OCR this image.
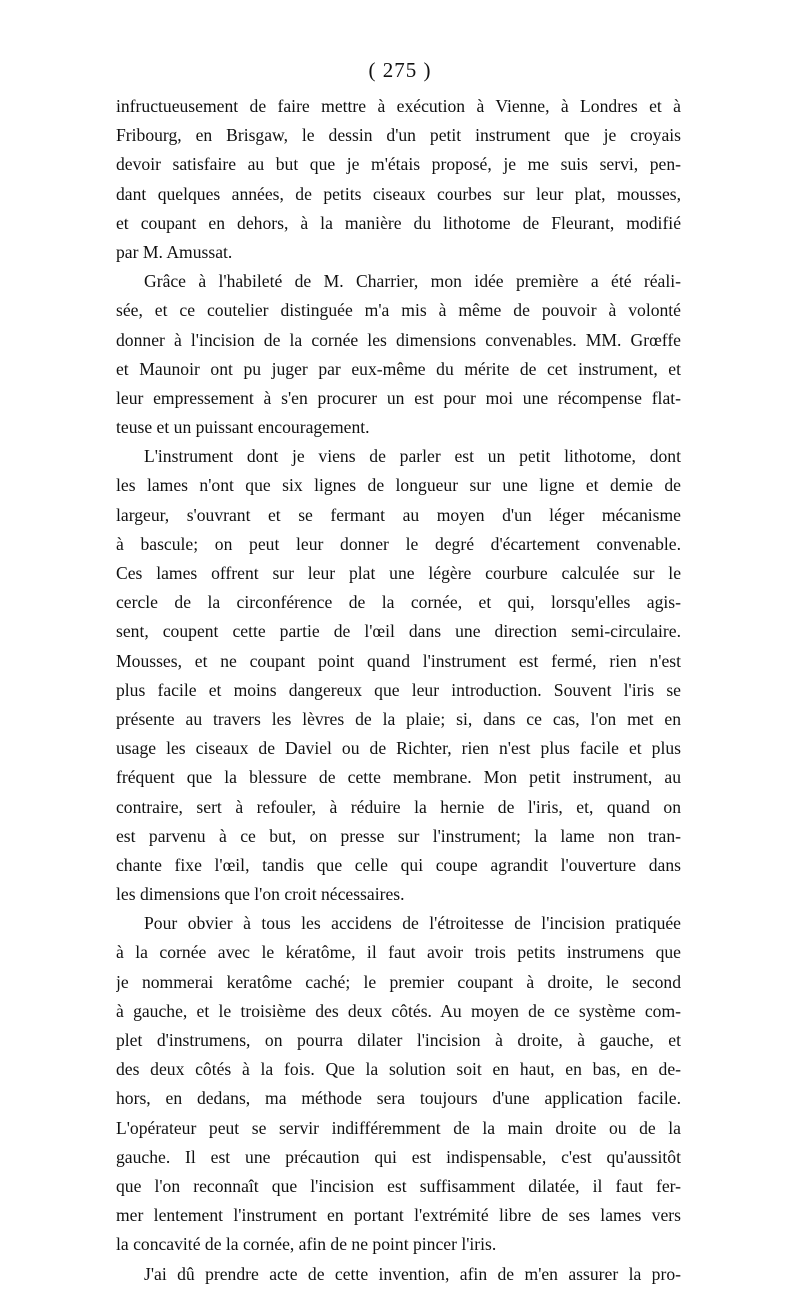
( 275 )
infructueusement de faire mettre à exécution à Vienne, à Londres et à
Fribourg, en Brisgaw, le dessin d'un petit instrument que je croyais
devoir satisfaire au but que je m'étais proposé, je me suis servi, pen-
dant quelques années, de petits ciseaux courbes sur leur plat, mousses,
et coupant en dehors, à la manière du lithotome de Fleurant, modifié
par M. Amussat.
Grâce à l'habileté de M. Charrier, mon idée première a été réali-
sée, et ce coutelier distinguée m'a mis à même de pouvoir à volonté
donner à l'incision de la cornée les dimensions convenables. MM. Grœffe
et Maunoir ont pu juger par eux-même du mérite de cet instrument, et
leur empressement à s'en procurer un est pour moi une récompense flat-
teuse et un puissant encouragement.
L'instrument dont je viens de parler est un petit lithotome, dont
les lames n'ont que six lignes de longueur sur une ligne et demie de
largeur, s'ouvrant et se fermant au moyen d'un léger mécanisme
à bascule; on peut leur donner le degré d'écartement convenable.
Ces lames offrent sur leur plat une légère courbure calculée sur le
cercle de la circonférence de la cornée, et qui, lorsqu'elles agis-
sent, coupent cette partie de l'œil dans une direction semi-circulaire.
Mousses, et ne coupant point quand l'instrument est fermé, rien n'est
plus facile et moins dangereux que leur introduction. Souvent l'iris se
présente au travers les lèvres de la plaie; si, dans ce cas, l'on met en
usage les ciseaux de Daviel ou de Richter, rien n'est plus facile et plus
fréquent que la blessure de cette membrane. Mon petit instrument, au
contraire, sert à refouler, à réduire la hernie de l'iris, et, quand on
est parvenu à ce but, on presse sur l'instrument; la lame non tran-
chante fixe l'œil, tandis que celle qui coupe agrandit l'ouverture dans
les dimensions que l'on croit nécessaires.
Pour obvier à tous les accidens de l'étroitesse de l'incision pratiquée
à la cornée avec le kératôme, il faut avoir trois petits instrumens que
je nommerai keratôme caché; le premier coupant à droite, le second
à gauche, et le troisième des deux côtés. Au moyen de ce système com-
plet d'instrumens, on pourra dilater l'incision à droite, à gauche, et
des deux côtés à la fois. Que la solution soit en haut, en bas, en de-
hors, en dedans, ma méthode sera toujours d'une application facile.
L'opérateur peut se servir indifféremment de la main droite ou de la
gauche. Il est une précaution qui est indispensable, c'est qu'aussitôt
que l'on reconnaît que l'incision est suffisamment dilatée, il faut fer-
mer lentement l'instrument en portant l'extrémité libre de ses lames vers
la concavité de la cornée, afin de ne point pincer l'iris.
J'ai dû prendre acte de cette invention, afin de m'en assurer la pro-
